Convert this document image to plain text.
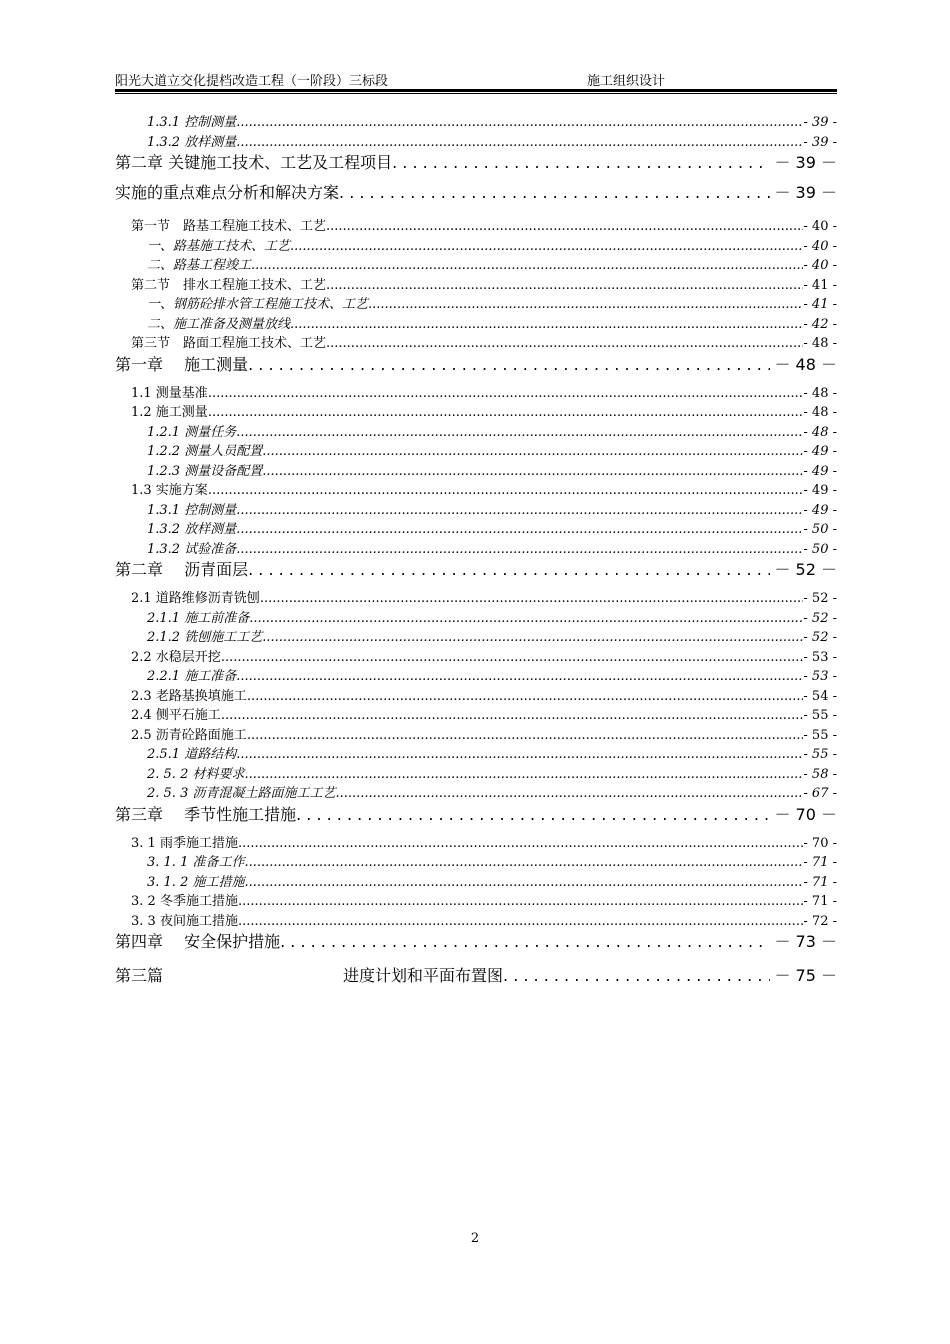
阳光大道立交化提档改造工程（一阶段）三标段	施工组织设计
1.3.1 控制测量 .....	- 39 -
1.3.2 放样测量 .....	- 39 -
第二章 关键施工技术、工艺及工程项目 . . .	－ 39 －
实施的重点难点分析和解决方案 . . .	－ 39 －
第一节　路基工程施工技术、工艺 .....	- 40 -
一、路基施工技术、工艺 .....	- 40 -
二、路基工程竣工 .....	- 40 -
第二节　排水工程施工技术、工艺 .....	- 41 -
一、钢筋砼排水管工程施工技术、工艺 .....	- 41 -
二、施工准备及测量放线 .....	- 42 -
第三节　路面工程施工技术、工艺 .....	- 48 -
第一章　 施工测量 . . .	－ 48 －
1.1 测量基准 .....	- 48 -
1.2 施工测量 .....	- 48 -
1.2.1 测量任务 .....	- 48 -
1.2.2 测量人员配置 .....	- 49 -
1.2.3 测量设备配置 .....	- 49 -
1.3 实施方案 .....	- 49 -
1.3.1 控制测量 .....	- 49 -
1.3.2 放样测量 .....	- 50 -
1.3.2 试验准备 .....	- 50 -
第二章　 沥青面层 . . .	－ 52 －
2.1 道路维修沥青铣刨 .....	- 52 -
2.1.1 施工前准备 .....	- 52 -
2.1.2 铣刨施工工艺 .....	- 52 -
2.2 水稳层开挖 .....	- 53 -
2.2.1 施工准备 .....	- 53 -
2.3 老路基换填施工 .....	- 54 -
2.4 侧平石施工 .....	- 55 -
2.5 沥青砼路面施工 .....	- 55 -
2.5.1 道路结构 .....	- 55 -
2. 5. 2 材料要求 .....	- 58 -
2. 5. 3 沥青混凝土路面施工工艺 .....	- 67 -
第三章　 季节性施工措施 . . .	－ 70 －
3. 1 雨季施工措施 .....	- 70 -
3. 1. 1 准备工作 .....	- 71 -
3. 1. 2 施工措施 .....	- 71 -
3. 2 冬季施工措施 .....	- 71 -
3. 3 夜间施工措施 .....	- 72 -
第四章　 安全保护措施 . . .	－ 73 －
第三篇	进度计划和平面布置图 . . .	－ 75 －
2
